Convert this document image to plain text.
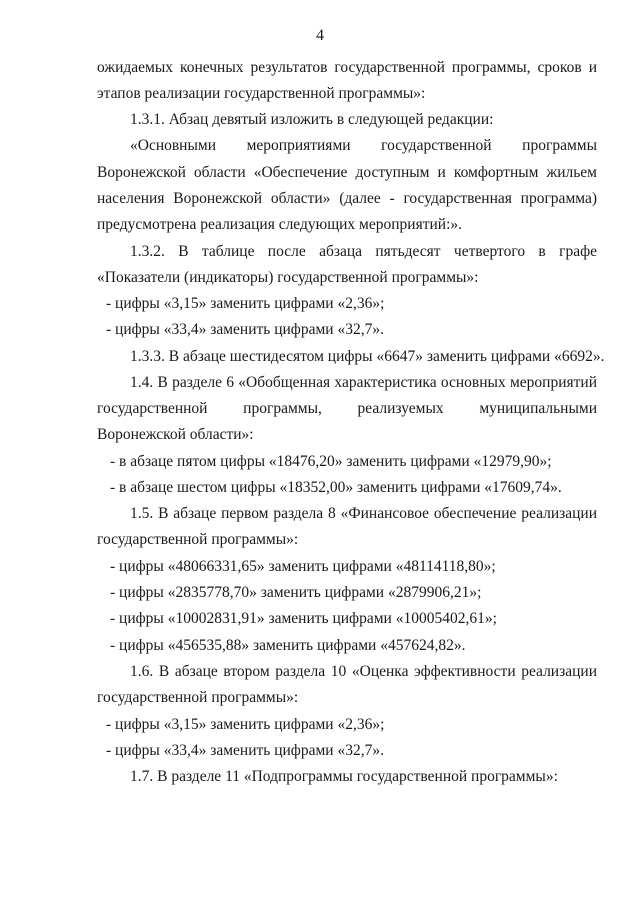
4
ожидаемых конечных результатов государственной программы, сроков и
этапов реализации государственной программы»:
1.3.1. Абзац девятый изложить в следующей редакции:
«Основными мероприятиями государственной программы
Воронежской области «Обеспечение доступным и комфортным жильем
населения Воронежской области» (далее - государственная программа)
предусмотрена реализация следующих мероприятий:».
1.3.2. В таблице после абзаца пятьдесят четвертого в графе
«Показатели (индикаторы) государственной программы»:
- цифры «3,15» заменить цифрами «2,36»;
- цифры «33,4» заменить цифрами «32,7».
1.3.3. В абзаце шестидесятом цифры «6647» заменить цифрами «6692».
1.4. В разделе 6 «Обобщенная характеристика основных мероприятий
государственной программы, реализуемых муниципальными
Воронежской области»:
- в абзаце пятом цифры «18476,20» заменить цифрами «12979,90»;
- в абзаце шестом цифры «18352,00» заменить цифрами «17609,74».
1.5. В абзаце первом раздела 8 «Финансовое обеспечение реализации
государственной программы»:
- цифры «48066331,65» заменить цифрами «48114118,80»;
- цифры «2835778,70» заменить цифрами «2879906,21»;
- цифры «10002831,91» заменить цифрами «10005402,61»;
- цифры «456535,88» заменить цифрами «457624,82».
1.6. В абзаце втором раздела 10 «Оценка эффективности реализации
государственной программы»:
- цифры «3,15» заменить цифрами «2,36»;
- цифры «33,4» заменить цифрами «32,7».
1.7. В разделе 11 «Подпрограммы государственной программы»:
